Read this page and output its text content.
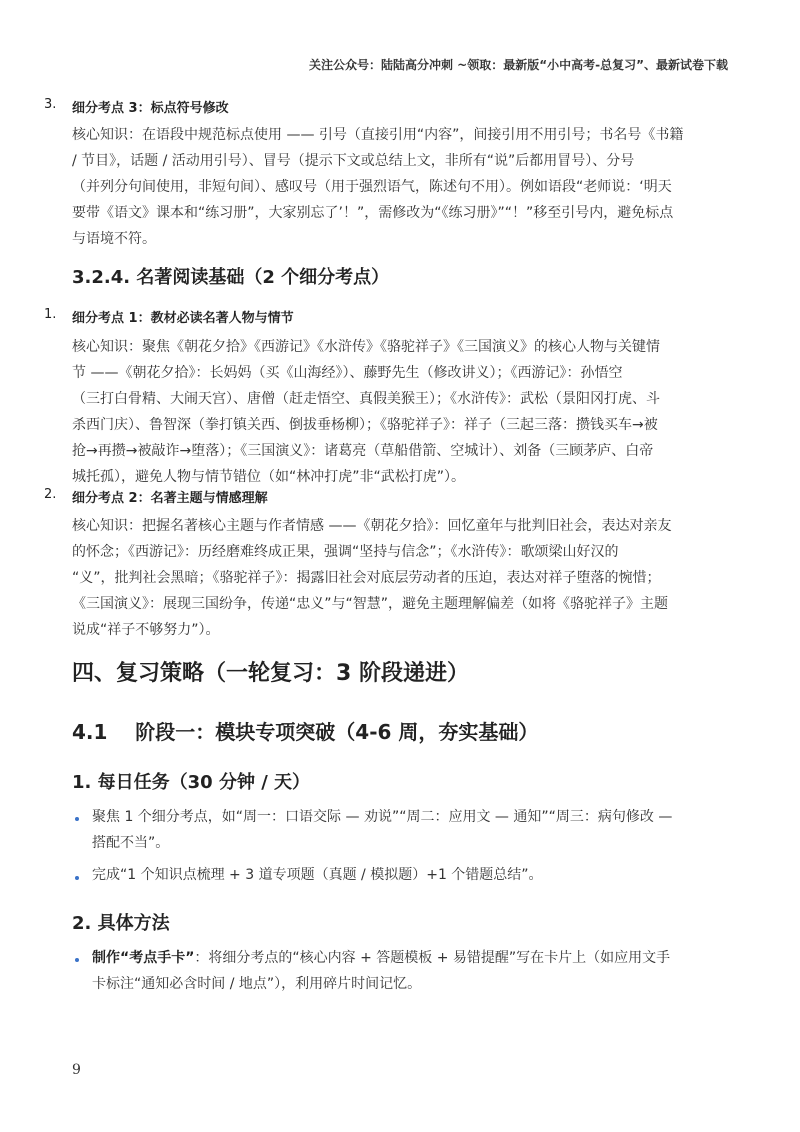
关注公众号：陆陆高分冲刺 ~领取：最新版“小中高考-总复习”、最新试卷下载
3. 细分考点 3：标点符号修改
核心知识：在语段中规范标点使用 —— 引号（直接引用“内容”，间接引用不用引号；书名号《书籍
/ 节目》，话题 / 活动用引号）、冒号（提示下文或总结上文，非所有“说”后都用冒号）、分号
（并列分句间使用，非短句间）、感叹号（用于强烈语气，陈述句不用）。例如语段“老师说：‘明天
要带《语文》课本和“练习册”，大家别忘了’！”，需修改为“《练习册》”“！”移至引号内，避免标点
与语境不符。
3.2.4. 名著阅读基础（2 个细分考点）
1. 细分考点 1：教材必读名著人物与情节
核心知识：聚焦《朝花夕拾》《西游记》《水浒传》《骆驼祥子》《三国演义》的核心人物与关键情
节 ——《朝花夕拾》：长妈妈（买《山海经》）、藤野先生（修改讲义）；《西游记》：孙悟空
（三打白骨精、大闹天宫）、唐僧（赶走悟空、真假美猴王）；《水浒传》：武松（景阳冈打虎、斗
杀西门庆）、鲁智深（拳打镇关西、倒拔垂杨柳）；《骆驼祥子》：祥子（三起三落：攒钱买车→被
抢→再攒→被敲诈→堕落）；《三国演义》：诸葛亮（草船借箭、空城计）、刘备（三顾茅庐、白帝
城托孤），避免人物与情节错位（如“林冲打虎”非“武松打虎”）。
2. 细分考点 2：名著主题与情感理解
核心知识：把握名著核心主题与作者情感 ——《朝花夕拾》：回忆童年与批判旧社会，表达对亲友
的怀念；《西游记》：历经磨难终成正果，强调“坚持与信念”；《水浒传》：歌颂梁山好汉的
“义”，批判社会黑暗；《骆驼祥子》：揭露旧社会对底层劳动者的压迫，表达对祥子堕落的惋惜；
《三国演义》：展现三国纷争，传递“忠义”与“智慧”，避免主题理解偏差（如将《骆驼祥子》主题
说成“祥子不够努力”）。
四、复习策略（一轮复习：3 阶段递进）
4.1    阶段一：模块专项突破（4-6 周，夯实基础）
1. 每日任务（30 分钟 / 天）
聚焦 1 个细分考点，如“周一：口语交际 — 劝说”“周二：应用文 — 通知”“周三：病句修改 —
搭配不当”。
完成“1 个知识点梳理 + 3 道专项题（真题 / 模拟题）+1 个错题总结”。
2. 具体方法
制作“考点手卡”：将细分考点的“核心内容 + 答题模板 + 易错提醒”写在卡片上（如应用文手
卡标注“通知必含时间 / 地点”），利用碎片时间记忆。
9
